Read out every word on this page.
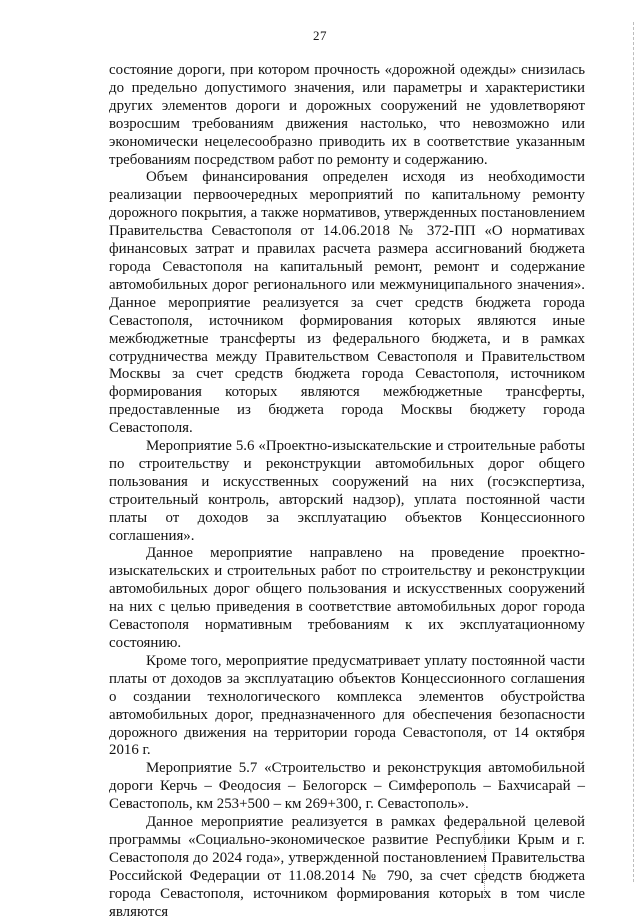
27

состояние дороги, при котором прочность «дорожной одежды» снизилась до предельно допустимого значения, или параметры и характеристики других элементов дороги и дорожных сооружений не удовлетворяют возросшим требованиям движения настолько, что невозможно или экономически нецелесообразно приводить их в соответствие указанным требованиям посредством работ по ремонту и содержанию.

Объем финансирования определен исходя из необходимости реализации первоочередных мероприятий по капитальному ремонту дорожного покрытия, а также нормативов, утвержденных постановлением Правительства Севастополя от 14.06.2018 № 372-ПП «О нормативах финансовых затрат и правилах расчета размера ассигнований бюджета города Севастополя на капитальный ремонт, ремонт и содержание автомобильных дорог регионального или межмуниципального значения». Данное мероприятие реализуется за счет средств бюджета города Севастополя, источником формирования которых являются иные межбюджетные трансферты из федерального бюджета, и в рамках сотрудничества между Правительством Севастополя и Правительством Москвы за счет средств бюджета города Севастополя, источником формирования которых являются межбюджетные трансферты, предоставленные из бюджета города Москвы бюджету города Севастополя.

Мероприятие 5.6 «Проектно-изыскательские и строительные работы по строительству и реконструкции автомобильных дорог общего пользования и искусственных сооружений на них (госэкспертиза, строительный контроль, авторский надзор), уплата постоянной части платы от доходов за эксплуатацию объектов Концессионного соглашения».

Данное мероприятие направлено на проведение проектно-изыскательских и строительных работ по строительству и реконструкции автомобильных дорог общего пользования и искусственных сооружений на них с целью приведения в соответствие автомобильных дорог города Севастополя нормативным требованиям к их эксплуатационному состоянию.

Кроме того, мероприятие предусматривает уплату постоянной части платы от доходов за эксплуатацию объектов Концессионного соглашения о создании технологического комплекса элементов обустройства автомобильных дорог, предназначенного для обеспечения безопасности дорожного движения на территории города Севастополя, от 14 октября 2016 г.

Мероприятие 5.7 «Строительство и реконструкция автомобильной дороги Керчь – Феодосия – Белогорск – Симферополь – Бахчисарай – Севастополь, км 253+500 – км 269+300, г. Севастополь».

Данное мероприятие реализуется в рамках федеральной целевой программы «Социально-экономическое развитие Республики Крым и г. Севастополя до 2024 года», утвержденной постановлением Правительства Российской Федерации от 11.08.2014 № 790, за счет средств бюджета города Севастополя, источником формирования которых в том числе являются
